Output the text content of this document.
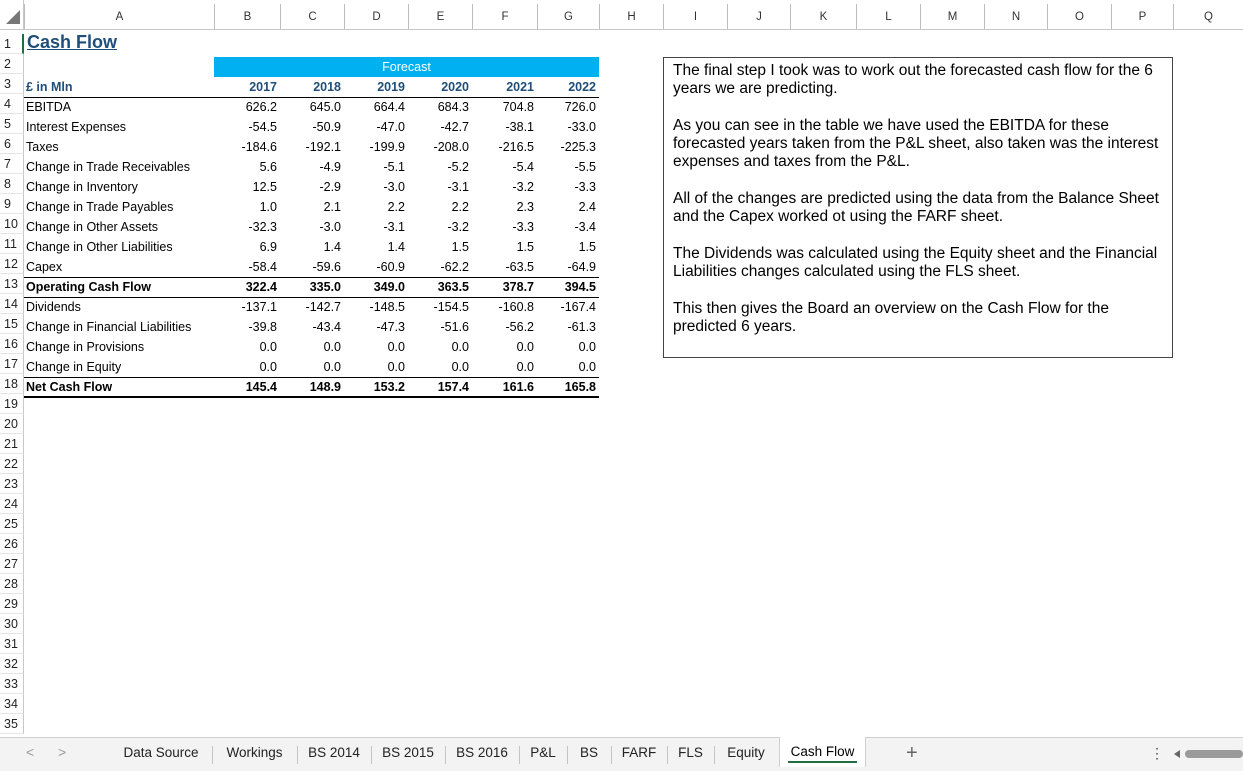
A	B	C	D	E	F	G	H	I	J	K	L	M	N	O	P	Q
1
2
3
4
5
6
7
8
9
10
11
12
13
14
15
16
17
18
19
20
21
22
23
24
25
26
27
28
29
30
31
32
33
34
35
Cash Flow
Forecast
£ in Mln	2017	2018	2019	2020	2021	2022
EBITDA	626.2	645.0	664.4	684.3	704.8	726.0
Interest Expenses	-54.5	-50.9	-47.0	-42.7	-38.1	-33.0
Taxes	-184.6	-192.1	-199.9	-208.0	-216.5	-225.3
Change in Trade Receivables	5.6	-4.9	-5.1	-5.2	-5.4	-5.5
Change in Inventory	12.5	-2.9	-3.0	-3.1	-3.2	-3.3
Change in Trade Payables	1.0	2.1	2.2	2.2	2.3	2.4
Change in Other Assets	-32.3	-3.0	-3.1	-3.2	-3.3	-3.4
Change in Other Liabilities	6.9	1.4	1.4	1.5	1.5	1.5
Capex	-58.4	-59.6	-60.9	-62.2	-63.5	-64.9
Operating Cash Flow	322.4	335.0	349.0	363.5	378.7	394.5
Dividends	-137.1	-142.7	-148.5	-154.5	-160.8	-167.4
Change in Financial Liabilities	-39.8	-43.4	-47.3	-51.6	-56.2	-61.3
Change in Provisions	0.0	0.0	0.0	0.0	0.0	0.0
Change in Equity	0.0	0.0	0.0	0.0	0.0	0.0
Net Cash Flow	145.4	148.9	153.2	157.4	161.6	165.8

The final step I took was to work out the forecasted cash flow for the 6 years we are predicting.

As you can see in the table we have used the EBITDA for these forecasted years taken from the P&L sheet, also taken was the interest expenses and taxes from the P&L.

All of the changes are predicted using the data from the Balance Sheet and the Capex worked ot using the FARF sheet.

The Dividends was calculated using the Equity sheet and the Financial Liabilities changes calculated using the FLS sheet.

This then gives the Board an overview on the Cash Flow for the predicted 6 years.

< >	Data Source	Workings	BS 2014	BS 2015	BS 2016	P&L	BS	FARF	FLS	Equity	Cash Flow	+	⋮
